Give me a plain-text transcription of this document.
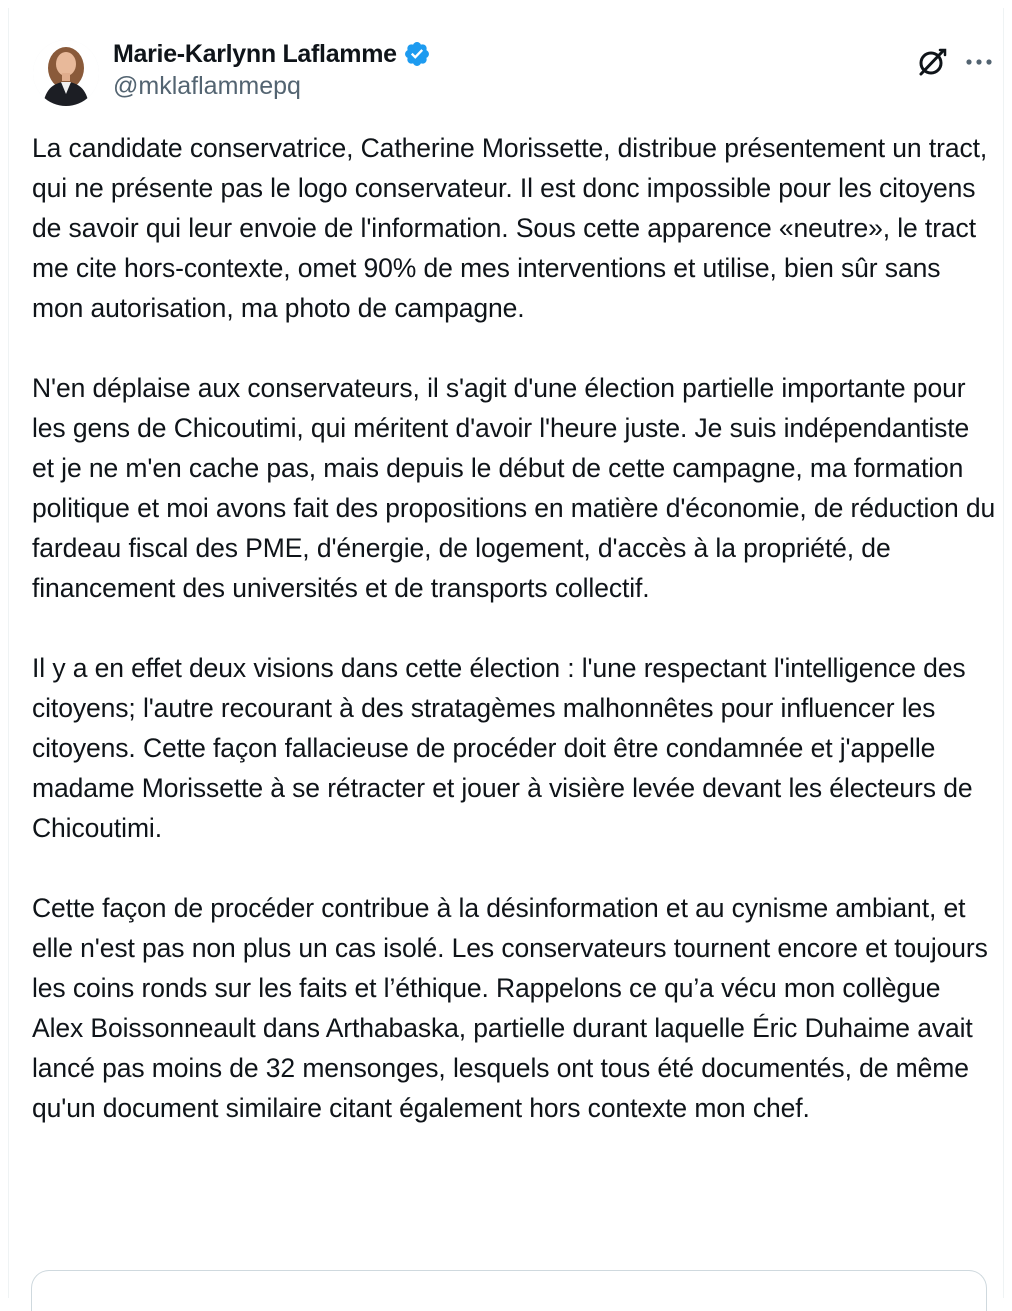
Marie-Karlynn Laflamme
@mklaflammepq

La candidate conservatrice, Catherine Morissette, distribue présentement un tract, qui ne présente pas le logo conservateur. Il est donc impossible pour les citoyens de savoir qui leur envoie de l'information. Sous cette apparence «neutre», le tract me cite hors-contexte, omet 90% de mes interventions et utilise, bien sûr sans mon autorisation, ma photo de campagne.

N'en déplaise aux conservateurs, il s'agit d'une élection partielle importante pour les gens de Chicoutimi, qui méritent d'avoir l'heure juste. Je suis indépendantiste et je ne m'en cache pas, mais depuis le début de cette campagne, ma formation politique et moi avons fait des propositions en matière d'économie, de réduction du fardeau fiscal des PME, d'énergie, de logement, d'accès à la propriété, de financement des universités et de transports collectif.

Il y a en effet deux visions dans cette élection : l'une respectant l'intelligence des citoyens; l'autre recourant à des stratagèmes malhonnêtes pour influencer les citoyens. Cette façon fallacieuse de procéder doit être condamnée et j'appelle madame Morissette à se rétracter et jouer à visière levée devant les électeurs de Chicoutimi.

Cette façon de procéder contribue à la désinformation et au cynisme ambiant, et elle n'est pas non plus un cas isolé. Les conservateurs tournent encore et toujours les coins ronds sur les faits et l’éthique. Rappelons ce qu’a vécu mon collègue Alex Boissonneault dans Arthabaska, partielle durant laquelle Éric Duhaime avait lancé pas moins de 32 mensonges, lesquels ont tous été documentés, de même qu'un document similaire citant également hors contexte mon chef.
